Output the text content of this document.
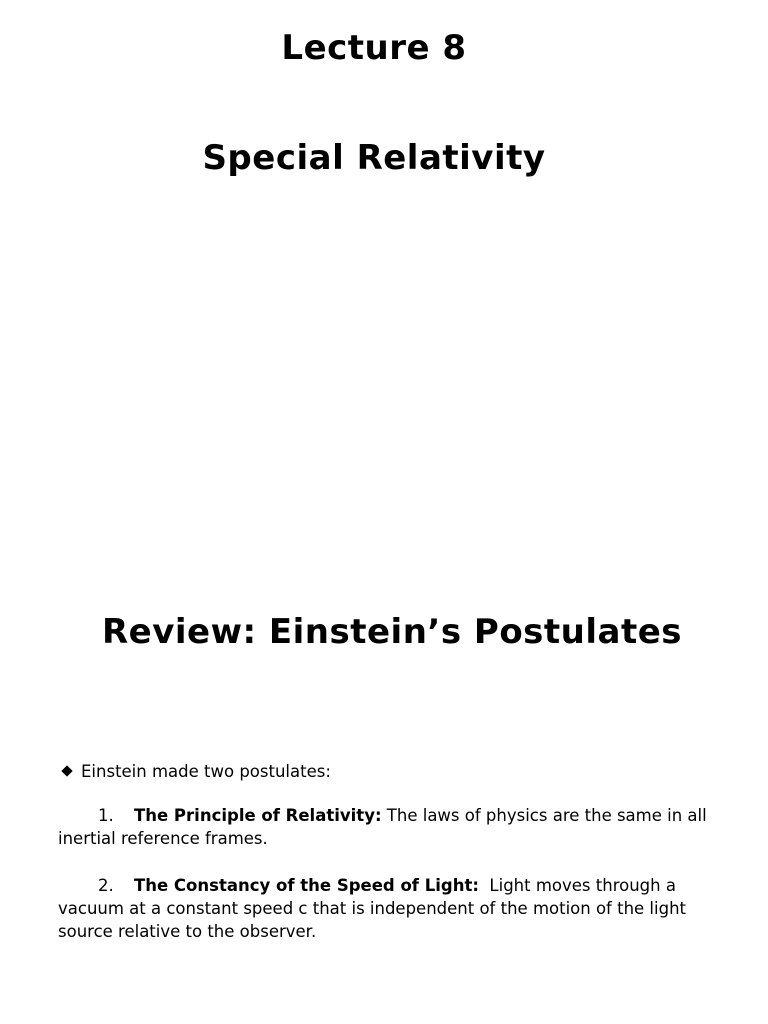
Lecture 8
Special Relativity
Review: Einstein’s Postulates
Einstein made two postulates:
1. The Principle of Relativity: The laws of physics are the same in all inertial reference frames.
2. The Constancy of the Speed of Light:  Light moves through a vacuum at a constant speed c that is independent of the motion of the light source relative to the observer.
